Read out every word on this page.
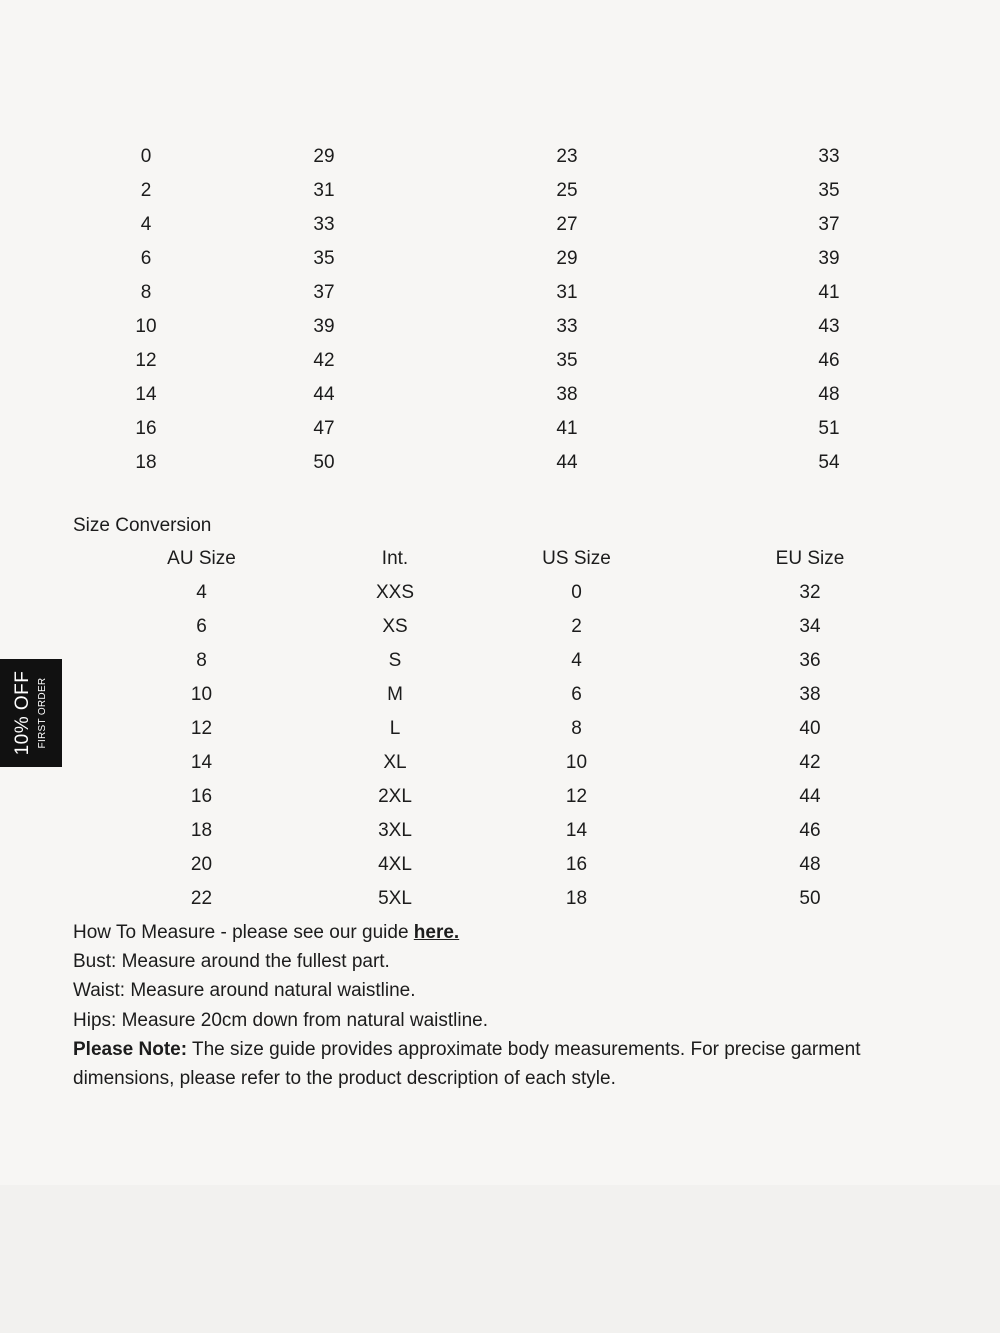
0	29	23	33
2	31	25	35
4	33	27	37
6	35	29	39
8	37	31	41
10	39	33	43
12	42	35	46
14	44	38	48
16	47	41	51
18	50	44	54
Size Conversion
AU Size	Int.	US Size	EU Size
4	XXS	0	32
6	XS	2	34
8	S	4	36
10	M	6	38
12	L	8	40
14	XL	10	42
16	2XL	12	44
18	3XL	14	46
20	4XL	16	48
22	5XL	18	50

How To Measure - please see our guide here.

Bust: Measure around the fullest part.

Waist: Measure around natural waistline.

Hips: Measure 20cm down from natural waistline.

Please Note: The size guide provides approximate body measurements. For precise garment dimensions, please refer to the product description of each style.

10% OFF FIRST ORDER
